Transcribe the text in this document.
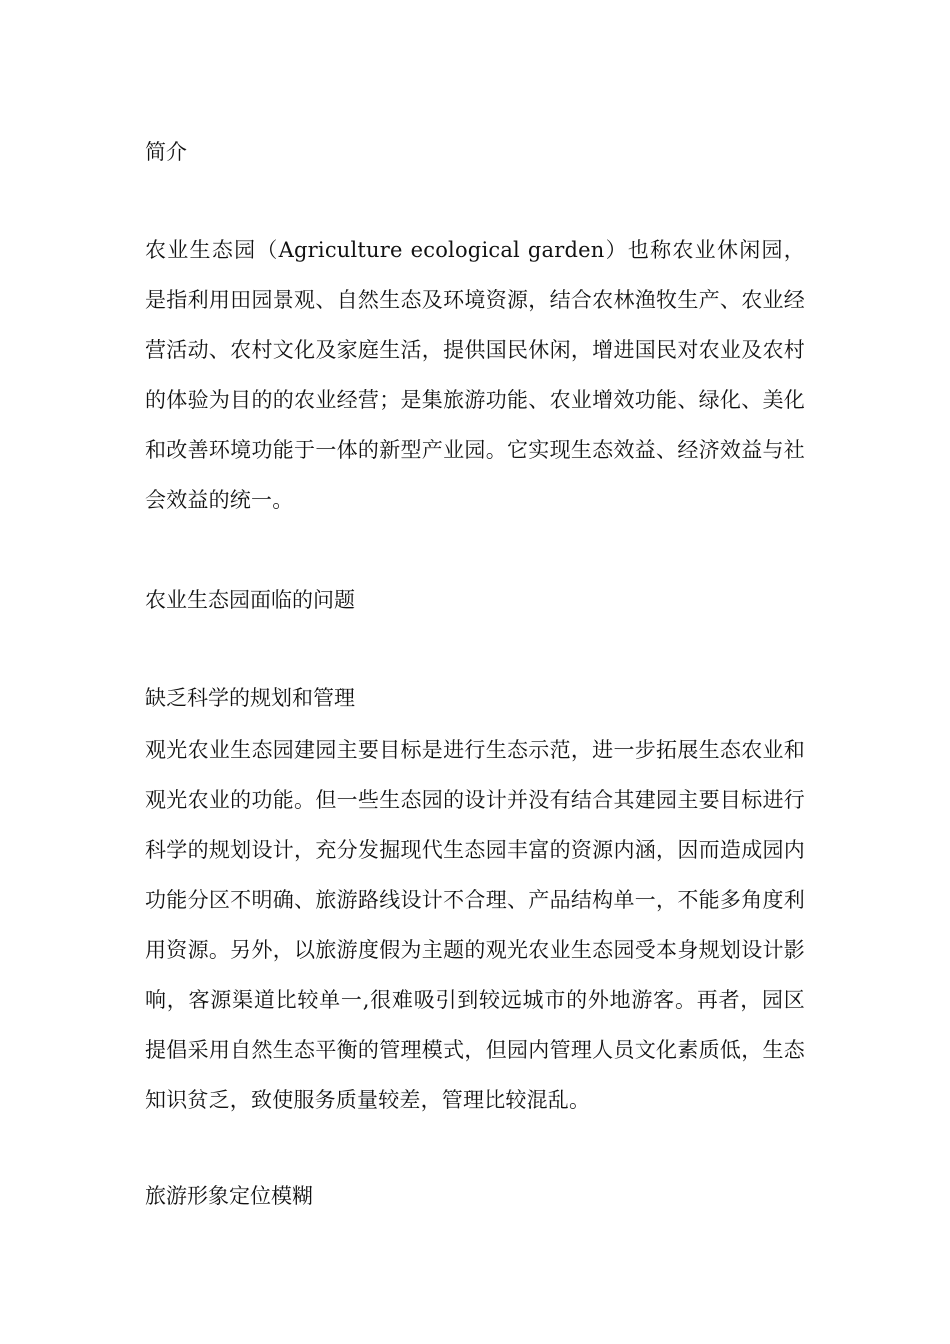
简介
农业生态园（Agriculture ecological garden）也称农业休闲园，是指利用田园景观、自然生态及环境资源，结合农林渔牧生产、农业经营活动、农村文化及家庭生活，提供国民休闲，增进国民对农业及农村的体验为目的的农业经营；是集旅游功能、农业增效功能、绿化、美化和改善环境功能于一体的新型产业园。它实现生态效益、经济效益与社会效益的统一。
农业生态园面临的问题
缺乏科学的规划和管理
观光农业生态园建园主要目标是进行生态示范，进一步拓展生态农业和观光农业的功能。但一些生态园的设计并没有结合其建园主要目标进行科学的规划设计，充分发掘现代生态园丰富的资源内涵，因而造成园内功能分区不明确、旅游路线设计不合理、产品结构单一，不能多角度利用资源。另外，以旅游度假为主题的观光农业生态园受本身规划设计影响，客源渠道比较单一,很难吸引到较远城市的外地游客。再者，园区提倡采用自然生态平衡的管理模式，但园内管理人员文化素质低，生态知识贫乏，致使服务质量较差，管理比较混乱。
旅游形象定位模糊
